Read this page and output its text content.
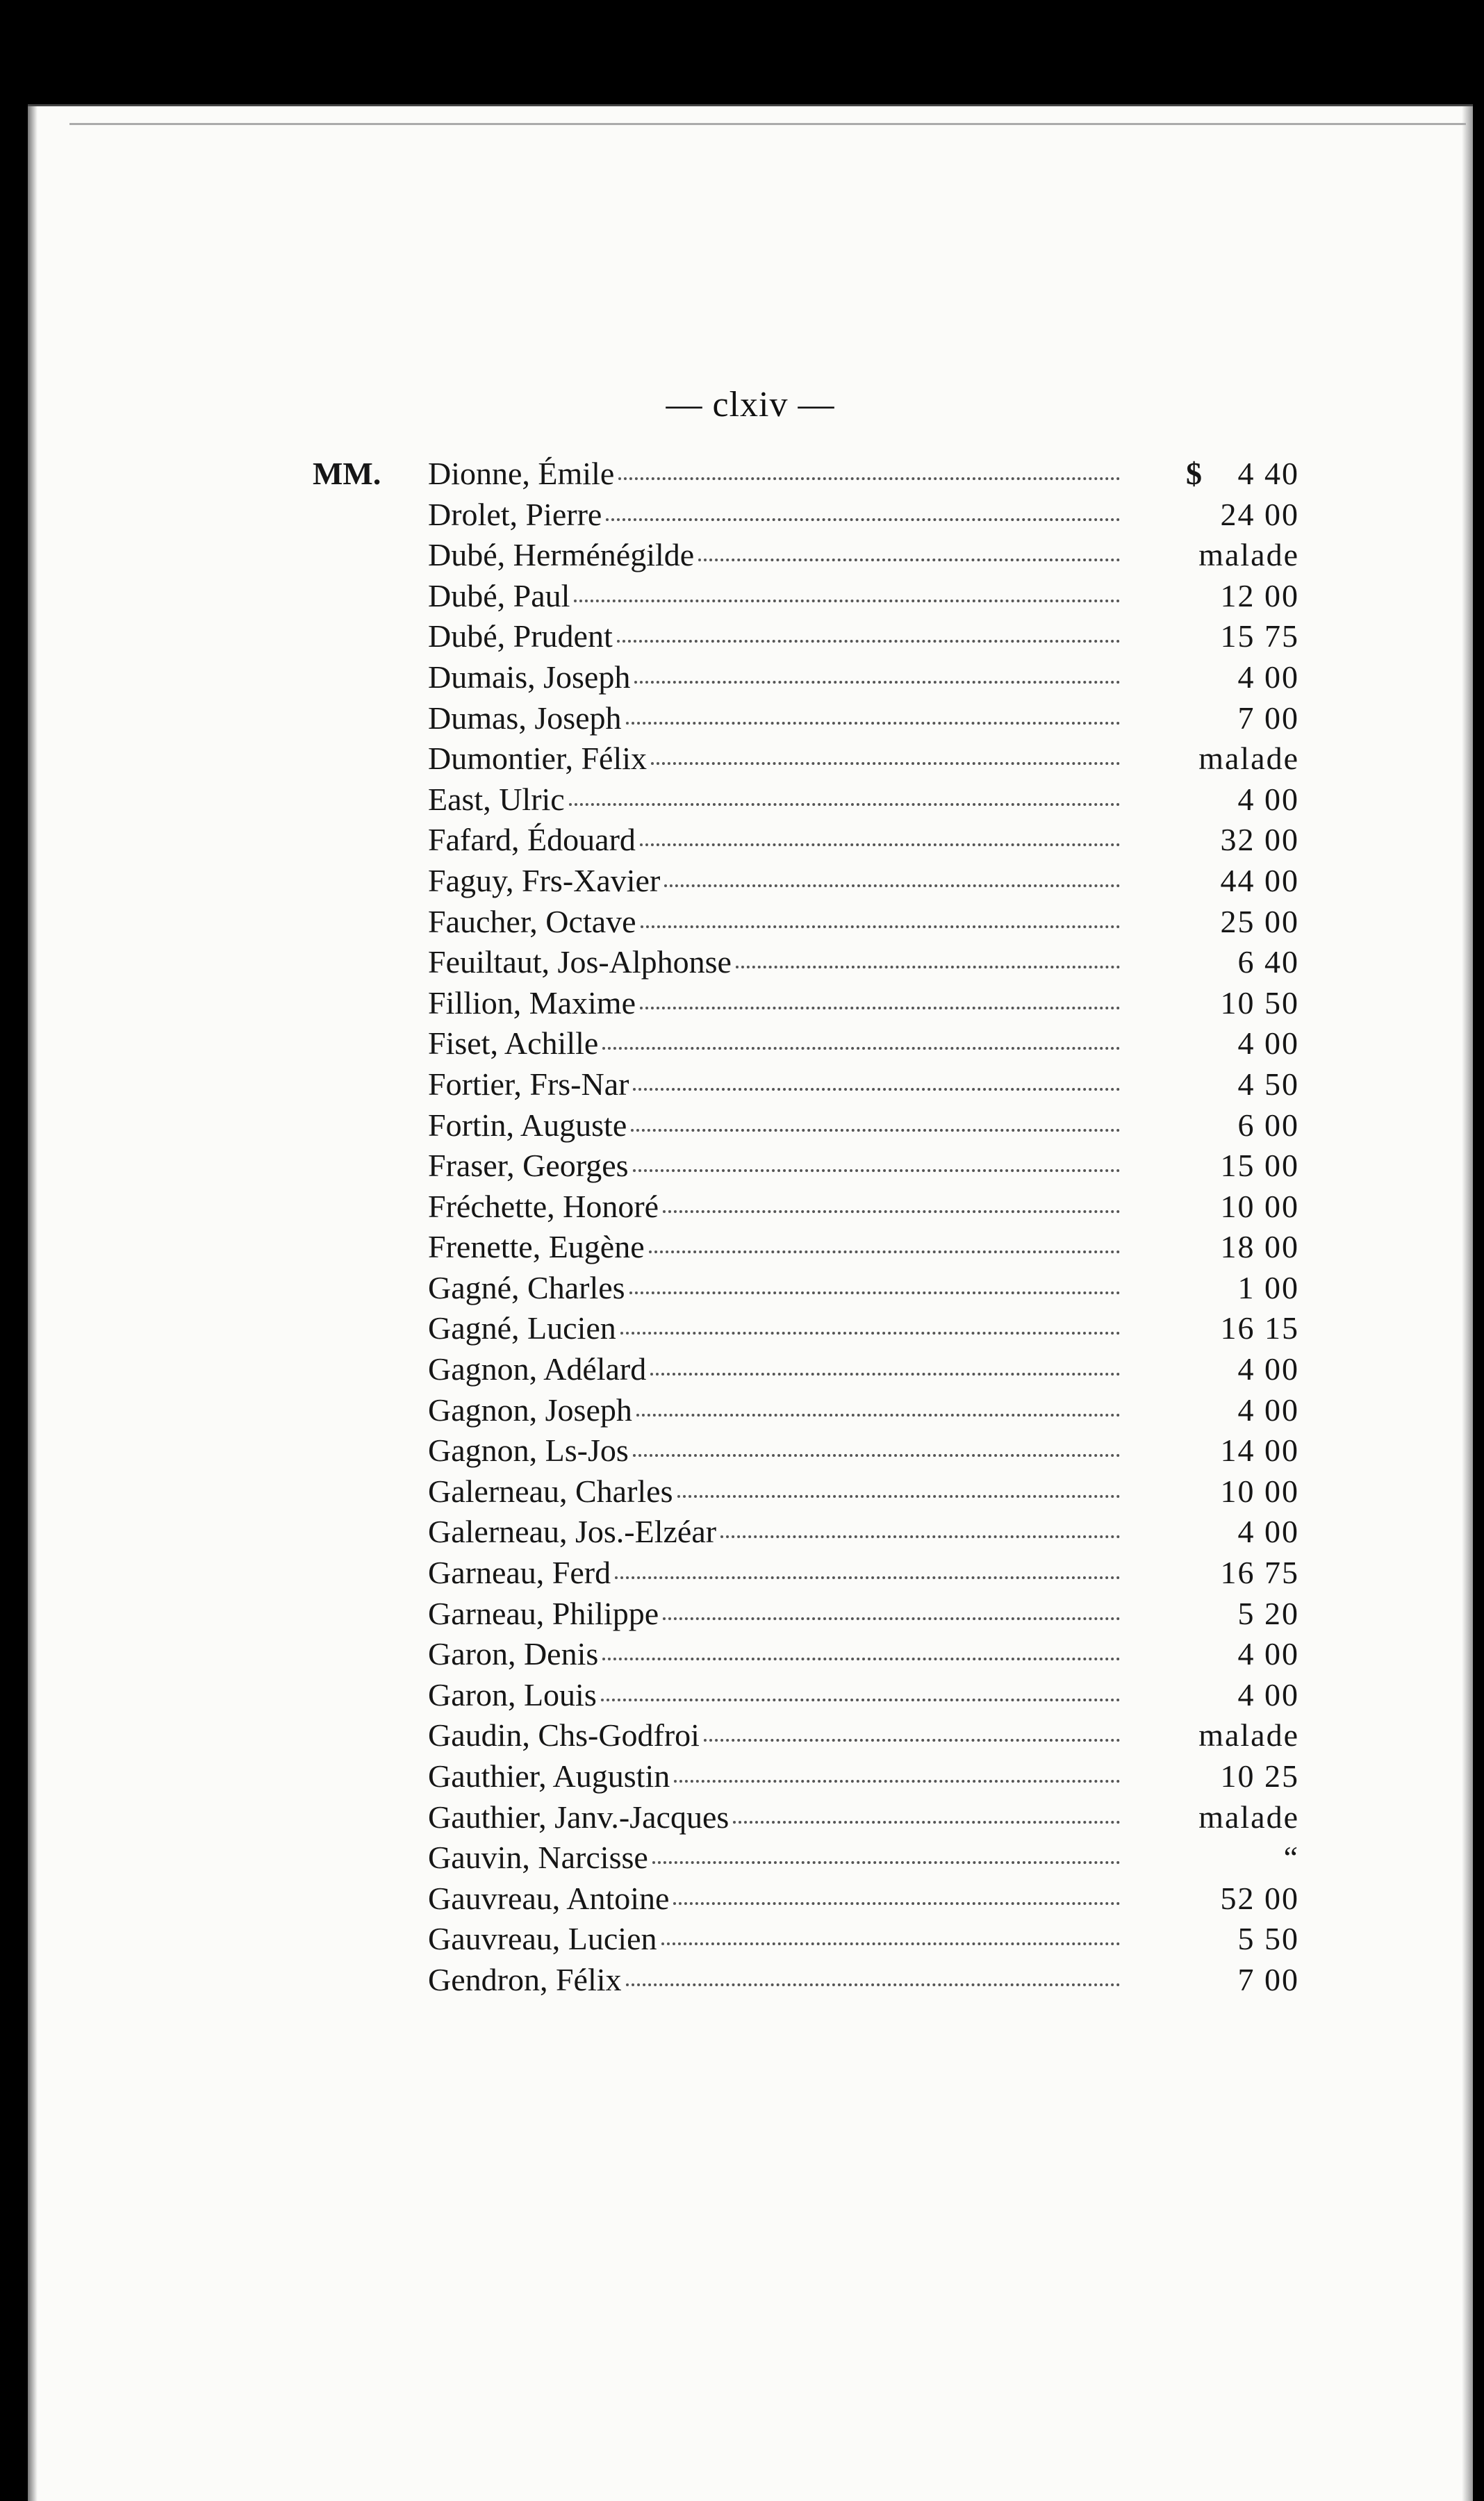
— clxiv —
MM. Dionne, Émile	$ 4 40
Drolet, Pierre	24 00
Dubé, Herménégilde	malade
Dubé, Paul	12 00
Dubé, Prudent	15 75
Dumais, Joseph	4 00
Dumas, Joseph	7 00
Dumontier, Félix	malade
East, Ulric	4 00
Fafard, Édouard	32 00
Faguy, Frs-Xavier	44 00
Faucher, Octave	25 00
Feuiltaut, Jos-Alphonse	6 40
Fillion, Maxime	10 50
Fiset, Achille	4 00
Fortier, Frs-Nar	4 50
Fortin, Auguste	6 00
Fraser, Georges	15 00
Fréchette, Honoré	10 00
Frenette, Eugène	18 00
Gagné, Charles	1 00
Gagné, Lucien	16 15
Gagnon, Adélard	4 00
Gagnon, Joseph	4 00
Gagnon, Ls-Jos	14 00
Galerneau, Charles	10 00
Galerneau, Jos.-Elzéar	4 00
Garneau, Ferd	16 75
Garneau, Philippe	5 20
Garon, Denis	4 00
Garon, Louis	4 00
Gaudin, Chs-Godfroi	malade
Gauthier, Augustin	10 25
Gauthier, Janv.-Jacques	malade
Gauvin, Narcisse	“
Gauvreau, Antoine	52 00
Gauvreau, Lucien	5 50
Gendron, Félix	7 00
